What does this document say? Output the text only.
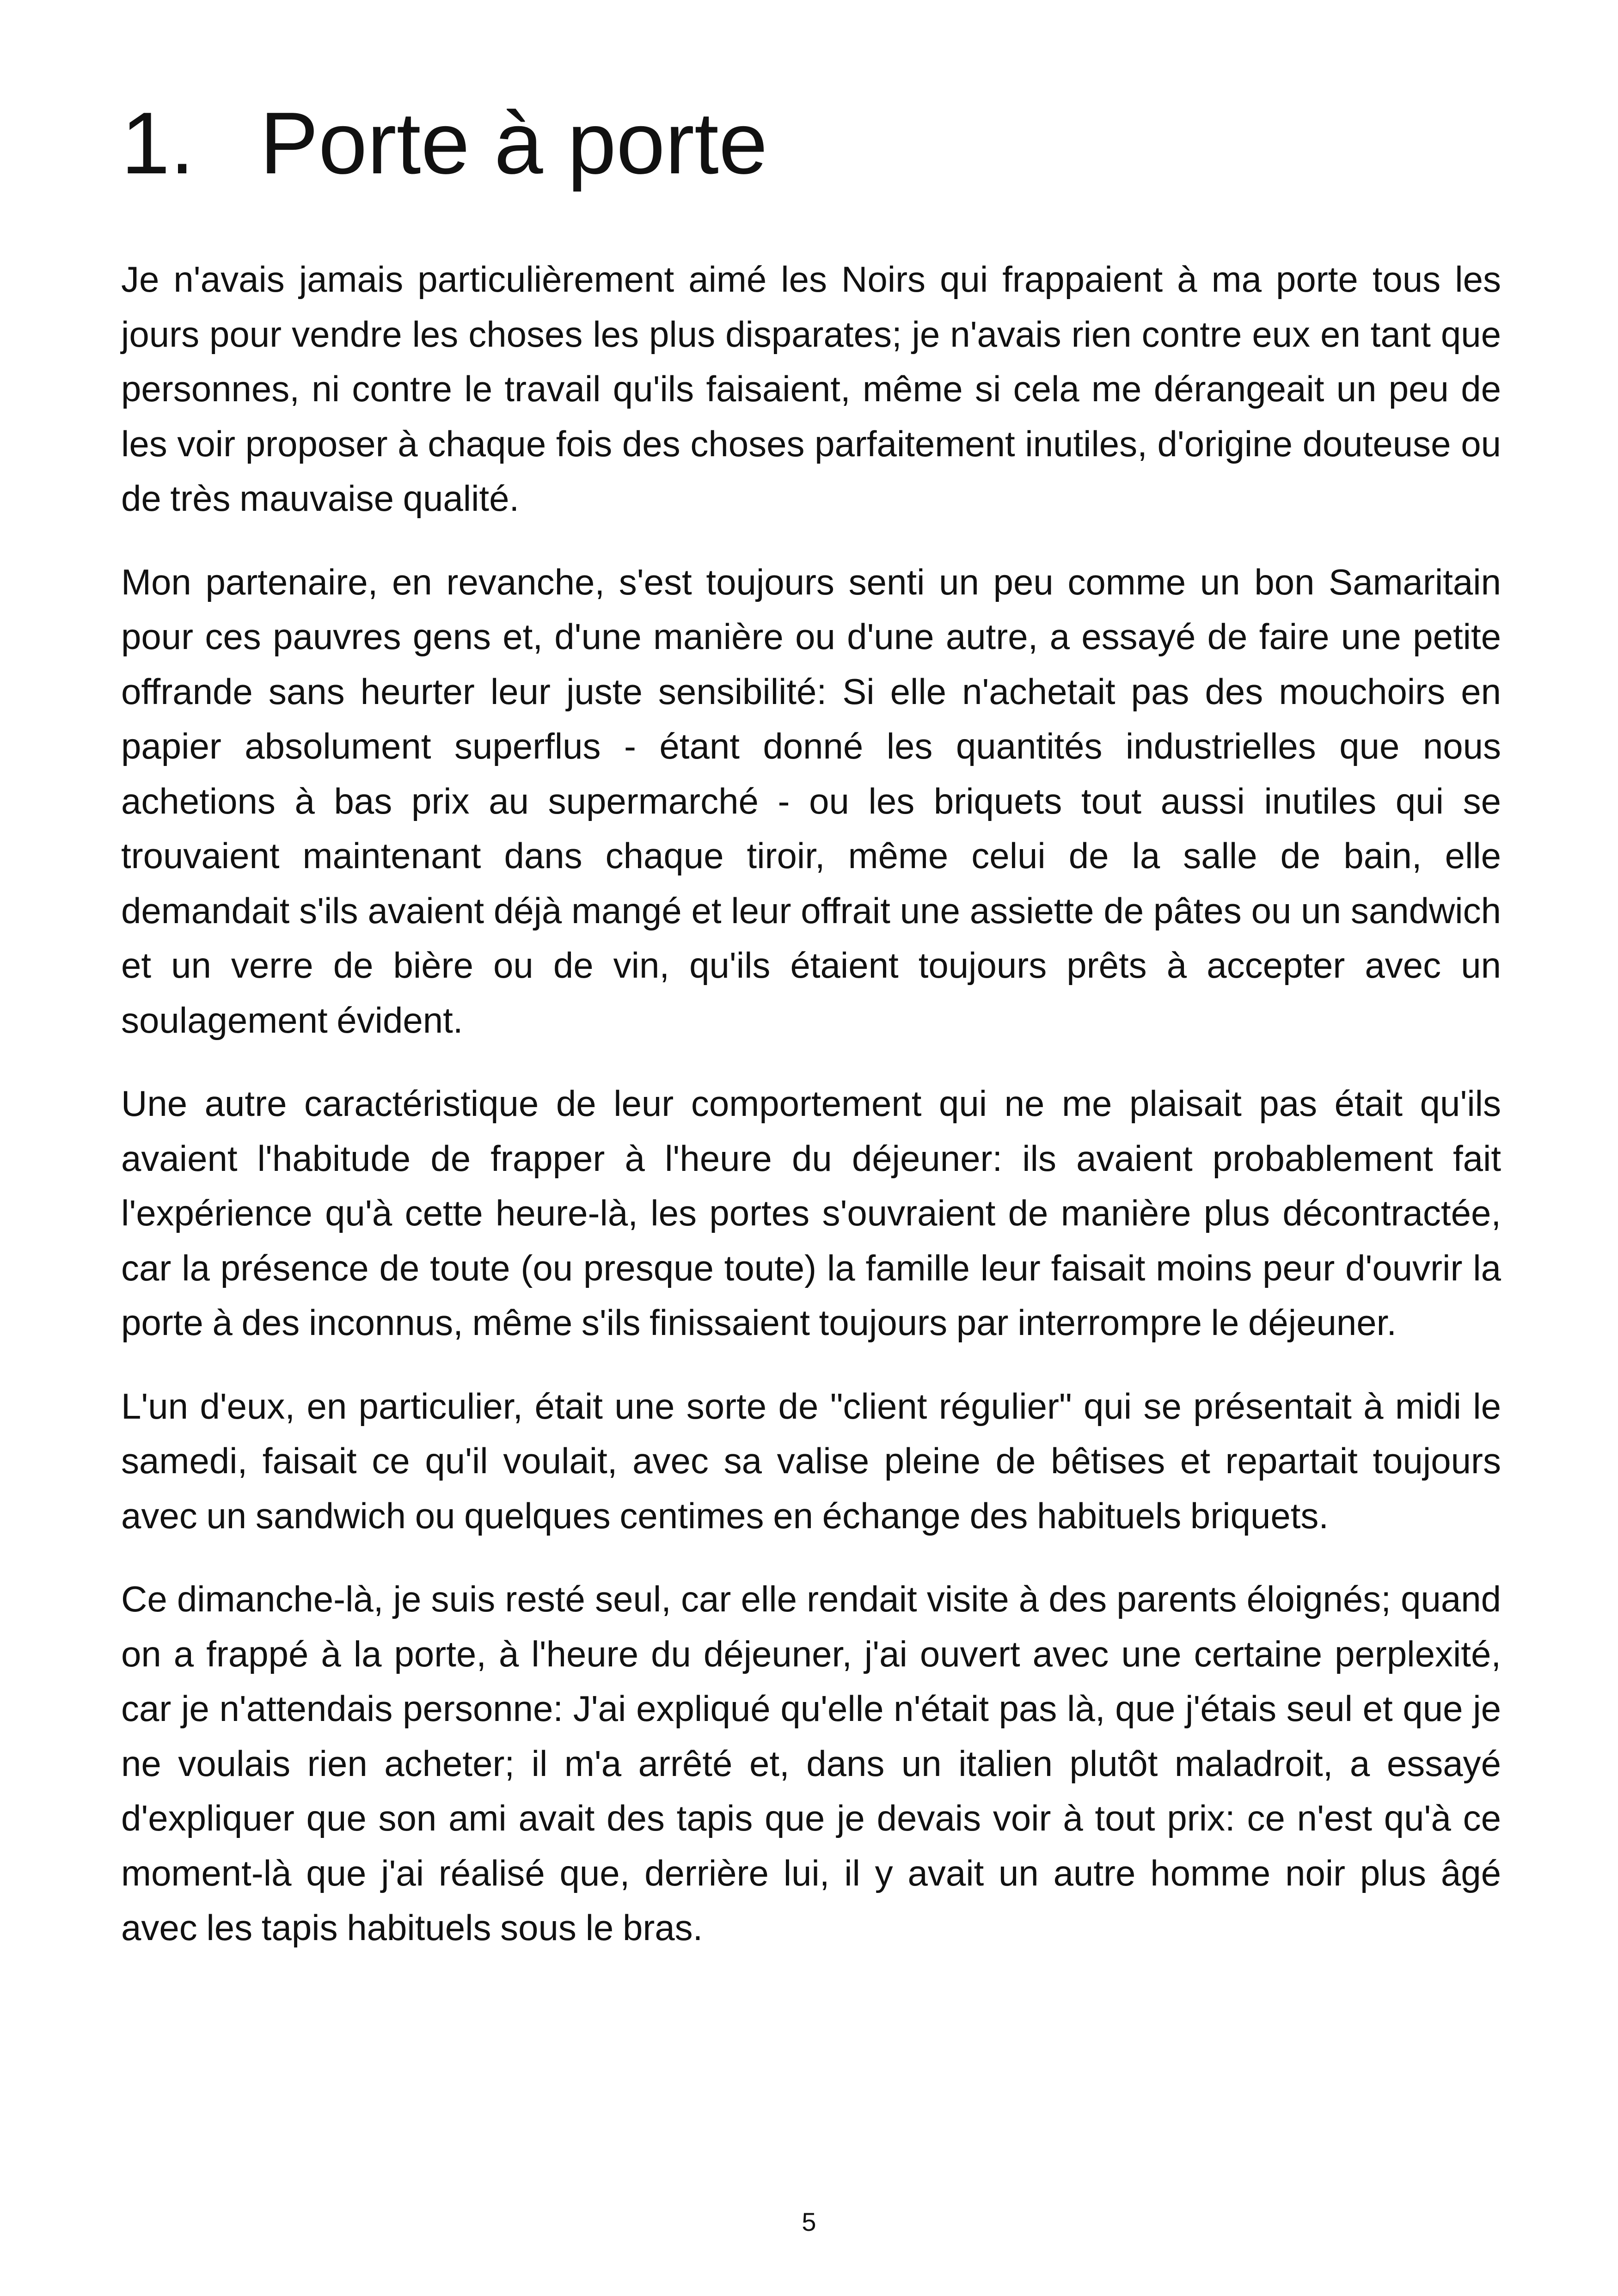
1. Porte à porte

Je n'avais jamais particulièrement aimé les Noirs qui frappaient à ma porte tous les jours pour vendre les choses les plus disparates; je n'avais rien contre eux en tant que personnes, ni contre le travail qu'ils faisaient, même si cela me dérangeait un peu de les voir proposer à chaque fois des choses parfaitement inutiles, d'origine douteuse ou de très mauvaise qualité.

Mon partenaire, en revanche, s'est toujours senti un peu comme un bon Samaritain pour ces pauvres gens et, d'une manière ou d'une autre, a essayé de faire une petite offrande sans heurter leur juste sensibilité: Si elle n'achetait pas des mouchoirs en papier absolument superflus - étant donné les quantités industrielles que nous achetions à bas prix au supermarché - ou les briquets tout aussi inutiles qui se trouvaient maintenant dans chaque tiroir, même celui de la salle de bain, elle demandait s'ils avaient déjà mangé et leur offrait une assiette de pâtes ou un sandwich et un verre de bière ou de vin, qu'ils étaient toujours prêts à accepter avec un soulagement évident.

Une autre caractéristique de leur comportement qui ne me plaisait pas était qu'ils avaient l'habitude de frapper à l'heure du déjeuner: ils avaient probablement fait l'expérience qu'à cette heure-là, les portes s'ouvraient de manière plus décontractée, car la présence de toute (ou presque toute) la famille leur faisait moins peur d'ouvrir la porte à des inconnus, même s'ils finissaient toujours par interrompre le déjeuner.

L'un d'eux, en particulier, était une sorte de "client régulier" qui se présentait à midi le samedi, faisait ce qu'il voulait, avec sa valise pleine de bêtises et repartait toujours avec un sandwich ou quelques centimes en échange des habituels briquets.

Ce dimanche-là, je suis resté seul, car elle rendait visite à des parents éloignés; quand on a frappé à la porte, à l'heure du déjeuner, j'ai ouvert avec une certaine perplexité, car je n'attendais personne: J'ai expliqué qu'elle n'était pas là, que j'étais seul et que je ne voulais rien acheter; il m'a arrêté et, dans un italien plutôt maladroit, a essayé d'expliquer que son ami avait des tapis que je devais voir à tout prix: ce n'est qu'à ce moment-là que j'ai réalisé que, derrière lui, il y avait un autre homme noir plus âgé avec les tapis habituels sous le bras.

5
